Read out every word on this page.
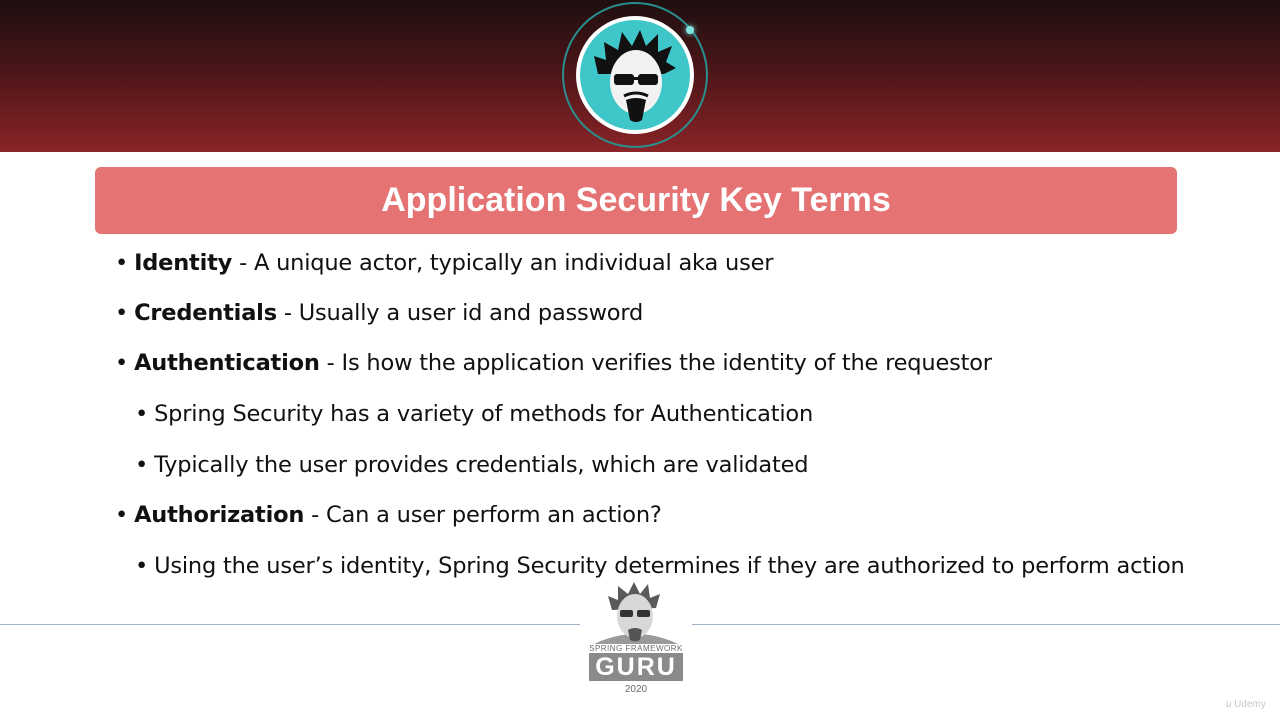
Application Security Key Terms
• Identity - A unique actor, typically an individual aka user
• Credentials - Usually a user id and password
• Authentication - Is how the application verifies the identity of the requestor
• Spring Security has a variety of methods for Authentication
• Typically the user provides credentials, which are validated
• Authorization - Can a user perform an action?
• Using the user’s identity, Spring Security determines if they are authorized to perform action
SPRING FRAMEWORK
GURU
2020
𝑢 Udemy
